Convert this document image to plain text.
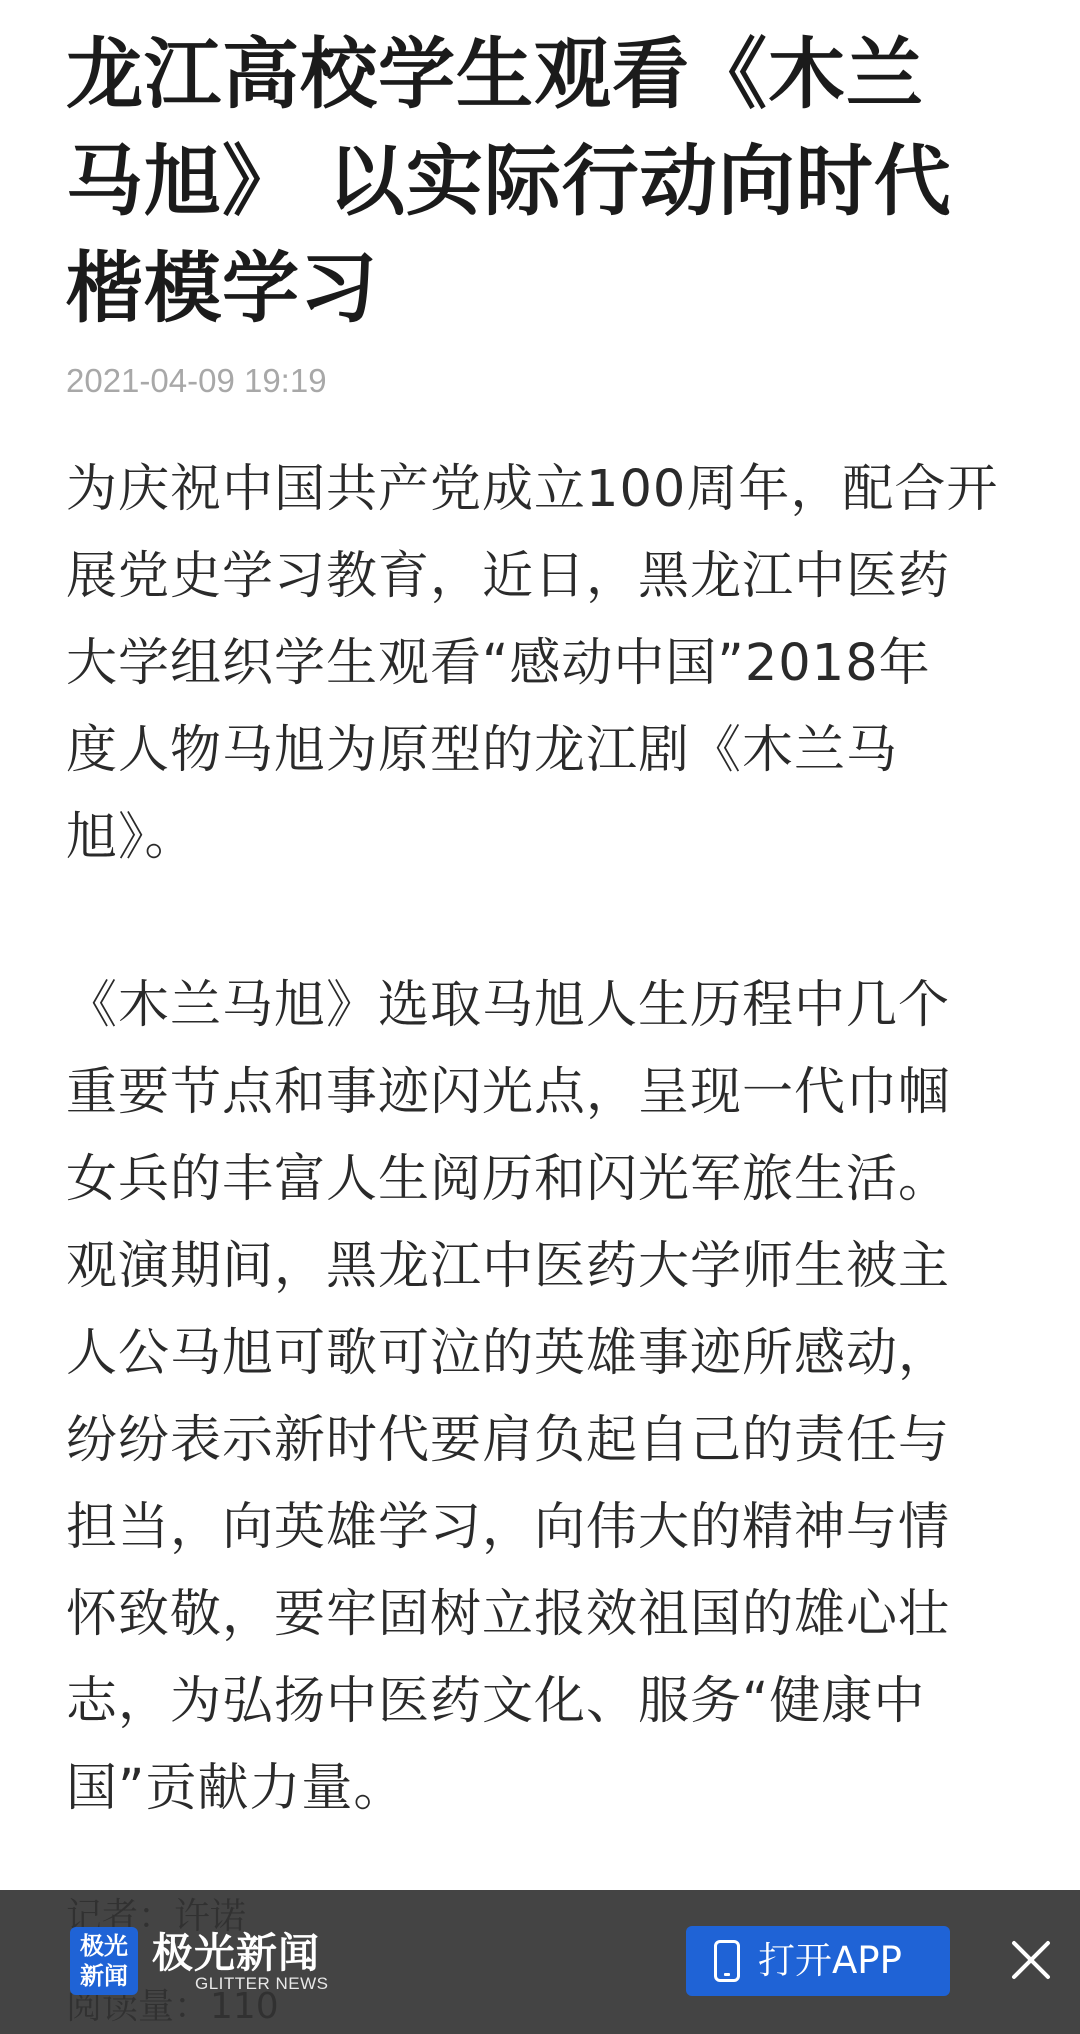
龙江高校学生观看《木兰
马旭》 以实际行动向时代
楷模学习
2021-04-09 19:19

为庆祝中国共产党成立100周年，配合开
展党史学习教育，近日，黑龙江中医药
大学组织学生观看“感动中国”2018年
度人物马旭为原型的龙江剧《木兰马
旭》。

《木兰马旭》选取马旭人生历程中几个
重要节点和事迹闪光点，呈现一代巾帼
女兵的丰富人生阅历和闪光军旅生活。
观演期间，黑龙江中医药大学师生被主
人公马旭可歌可泣的英雄事迹所感动，
纷纷表示新时代要肩负起自己的责任与
担当，向英雄学习，向伟大的精神与情
怀致敬，要牢固树立报效祖国的雄心壮
志，为弘扬中医药文化、服务“健康中
国”贡献力量。

极光
新闻 极光新闻
GLITTER NEWS
打开APP
